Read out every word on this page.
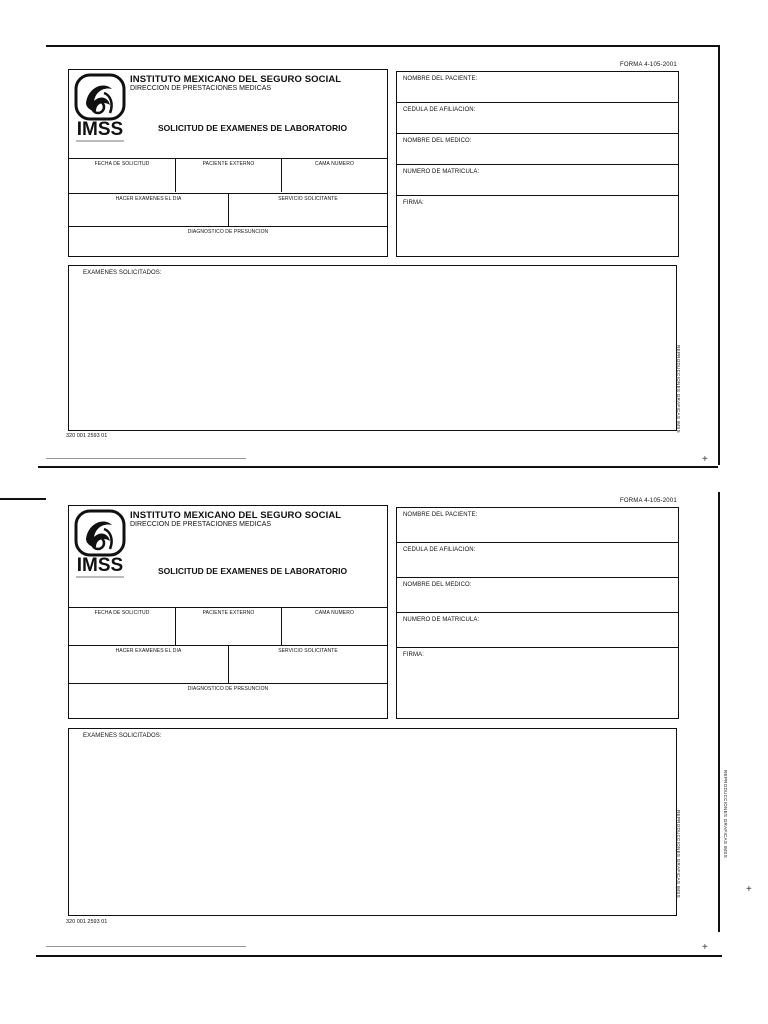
+
FORMA 4-105-2001
IMSS
INSTITUTO MEXICANO DEL SEGURO SOCIAL
DIRECCION DE PRESTACIONES MEDICAS
SOLICITUD DE EXAMENES DE LABORATORIO
FECHA DE SOLICITUD	PACIENTE EXTERNO	CAMA NUMERO
HACER EXAMENES EL DIA	SERVICIO SOLICITANTE
DIAGNOSTICO DE PRESUNCION
NOMBRE DEL PACIENTE:
CEDULA DE AFILIACION:
NOMBRE DEL MEDICO:
NUMERO DE MATRICULA:
FIRMA:
EXAMENES SOLICITADOS:
REPRODUCCIONES GRAFICAS IMSS
320 001 2593 01
+
+
FORMA 4-105-2001
IMSS
INSTITUTO MEXICANO DEL SEGURO SOCIAL
DIRECCION DE PRESTACIONES MEDICAS
SOLICITUD DE EXAMENES DE LABORATORIO
FECHA DE SOLICITUD	PACIENTE EXTERNO	CAMA NUMERO
HACER EXAMENES EL DIA	SERVICIO SOLICITANTE
DIAGNOSTICO DE PRESUNCION
NOMBRE DEL PACIENTE:
CEDULA DE AFILIACION:
NOMBRE DEL MEDICO:
NUMERO DE MATRICULA:
FIRMA:
EXAMENES SOLICITADOS:
REPRODUCCIONES GRAFICAS IMSS
320 001 2593 01
REPRODUCCIONES GRAFICAS IMSS
